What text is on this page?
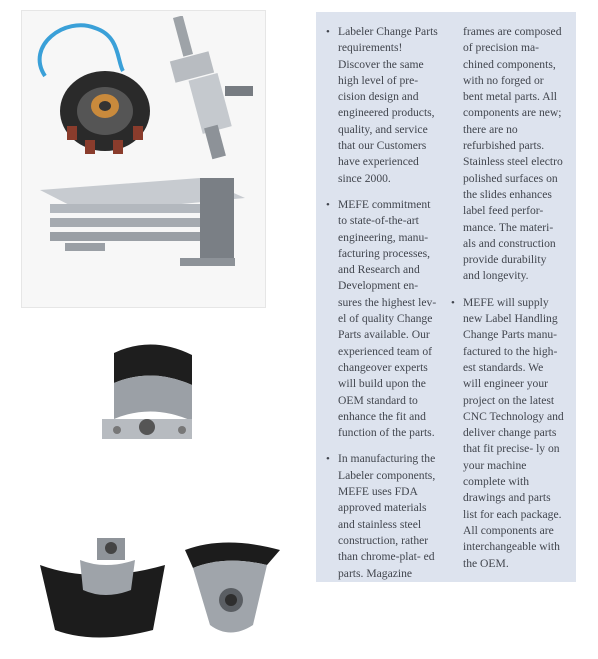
• Labeler Change Parts requirements! Discover the same high level of pre- cision design and engineered products, quality, and service that our Customers have experienced since 2000.

• MEFE commitment to state-of-the-art engineering, manu- facturing processes, and Research and Development en- sures the highest lev- el of quality Change Parts available. Our experienced team of changeover experts will build upon the OEM standard to enhance the fit and function of the parts.

• In manufacturing the Labeler components, MEFE uses FDA approved materials and stainless steel construction, rather than chrome-plat- ed parts. Magazine

frames are composed of precision ma- chined components, with no forged or bent metal parts. All components are new; there are no refurbished parts. Stainless steel electro polished surfaces on the slides enhances label feed perfor- mance. The materi- als and construction provide durability and longevity.

• MEFE will supply new Label Handling Change Parts manu- factured to the high- est standards. We will engineer your project on the latest CNC Technology and deliver change parts that fit precise- ly on your machine complete with drawings and parts list for each package. All components are interchangeable with the OEM.
